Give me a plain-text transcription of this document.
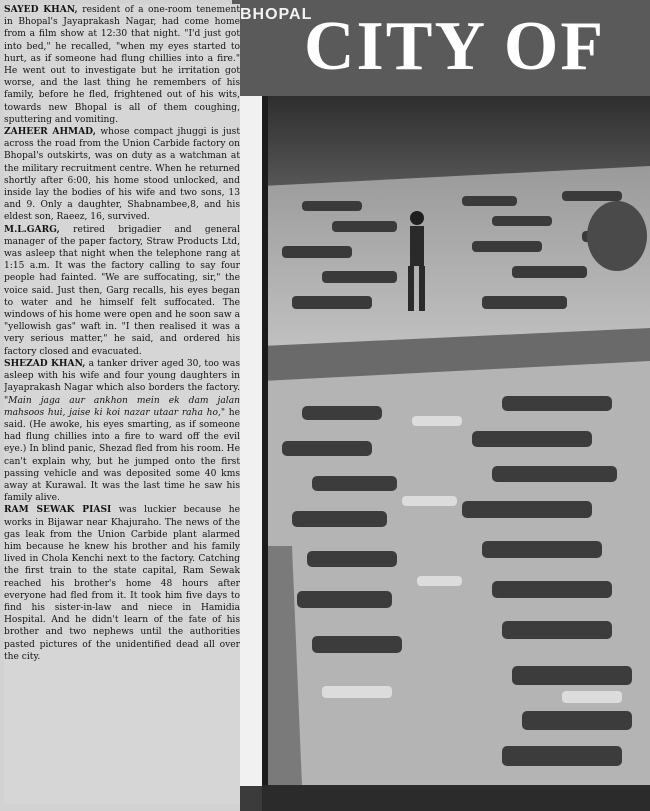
BHOPAL
CITY OF

SAYED KHAN, resident of a one-room tenement in Bhopal's Jayaprakash Nagar, had come home from a film show at 12:30 that night. "I'd just got into bed," he recalled, "when my eyes started to hurt, as if someone had flung chillies into a fire." He went out to investigate but he irritation got worse, and the last thing he remembers of his family, before he fled, frightened out of his wits, towards new Bhopal is all of them coughing, sputtering and vomiting.

ZAHEER AHMAD, whose compact jhuggi is just across the road from the Union Carbide factory on Bhopal's outskirts, was on duty as a watchman at the military recruitment centre. When he returned shortly after 6:00, his home stood unlocked, and inside lay the bodies of his wife and two sons, 13 and 9. Only a daughter, Shabnambee,8, and his eldest son, Raeez, 16, survived.

M.L.GARG, retired brigadier and general manager of the paper factory, Straw Products Ltd, was asleep that night when the telephone rang at 1:15 a.m. It was the factory calling to say four people had fainted. "We are suffocating, sir," the voice said. Just then, Garg recalls, his eyes began to water and he himself felt suffocated. The windows of his home were open and he soon saw a "yellowish gas" waft in. "I then realised it was a very serious matter," he said, and ordered his factory closed and evacuated.

SHEZAD KHAN, a tanker driver aged 30, too was asleep with his wife and four young daughters in Jayaprakash Nagar which also borders the factory. "Main jaga aur ankhon mein ek dam jalan mahsoos hui, jaise ki koi nazar utaar raha ho," he said. (He awoke, his eyes smarting, as if someone had flung chillies into a fire to ward off the evil eye.) In blind panic, Shezad fled from his room. He can't explain why, but he jumped onto the first passing vehicle and was deposited some 40 kms away at Kurawal. It was the last time he saw his family alive.

RAM SEWAK PIASI was luckier because he works in Bijawar near Khajuraho. The news of the gas leak from the Union Carbide plant alarmed him because he knew his brother and his family lived in Chola Kenchi next to the factory. Catching the first train to the state capital, Ram Sewak reached his brother's home 48 hours after everyone had fled from it. It took him five days to find his sister-in-law and niece in Hamidia Hospital. And he didn't learn of the fate of his brother and two nephews until the authorities pasted pictures of the unidentified dead all over the city.
